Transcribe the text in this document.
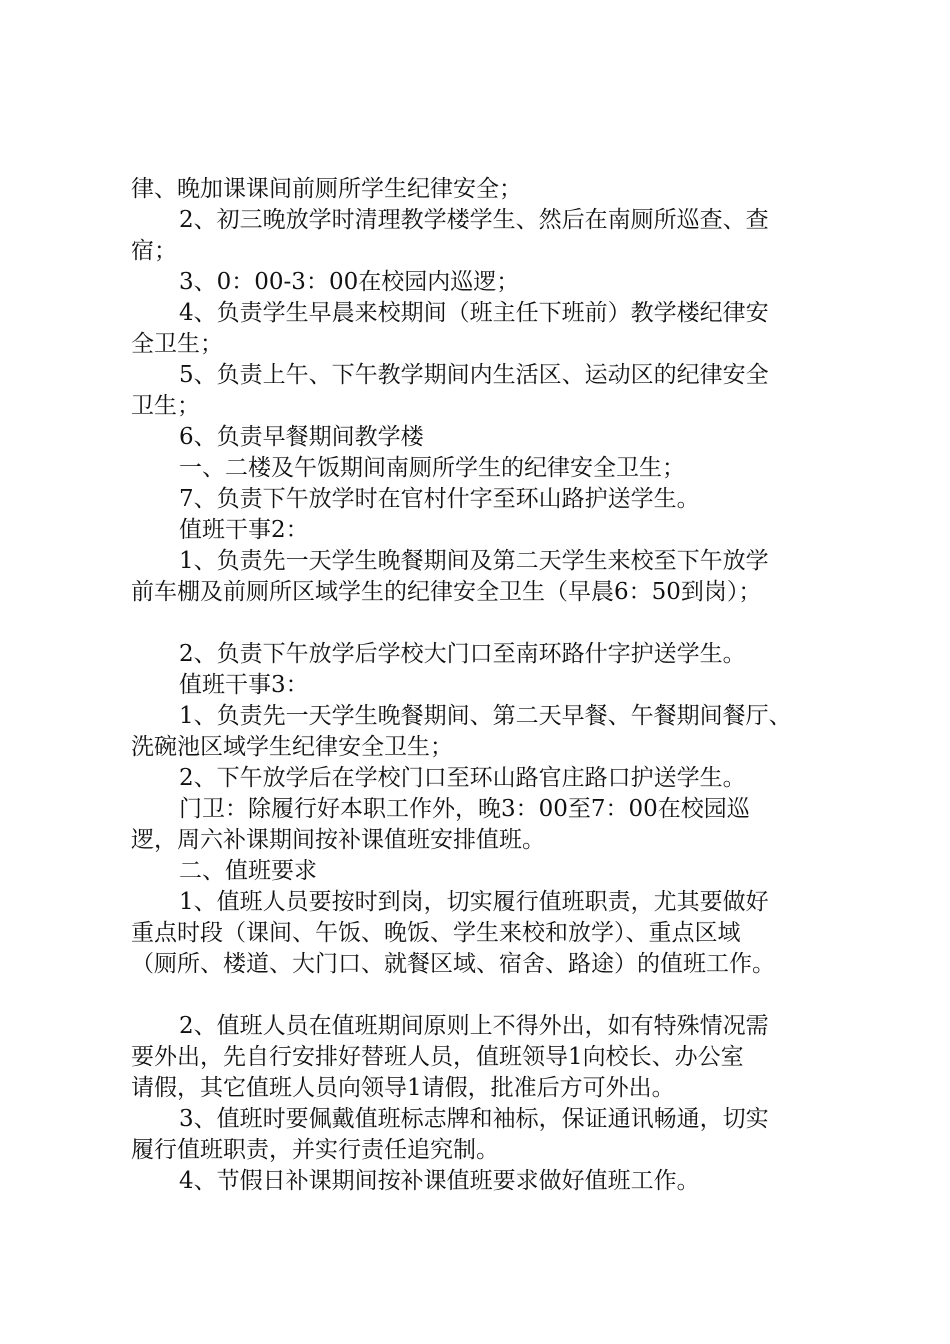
律、晚加课课间前厕所学生纪律安全；
2、初三晚放学时清理教学楼学生、然后在南厕所巡查、查
宿；
3、0：00-3：00在校园内巡逻；
4、负责学生早晨来校期间（班主任下班前）教学楼纪律安
全卫生；
5、负责上午、下午教学期间内生活区、运动区的纪律安全
卫生；
6、负责早餐期间教学楼
一、二楼及午饭期间南厕所学生的纪律安全卫生；
7、负责下午放学时在官村什字至环山路护送学生。
值班干事2：
1、负责先一天学生晚餐期间及第二天学生来校至下午放学
前车棚及前厕所区域学生的纪律安全卫生（早晨6：50到岗）；
2、负责下午放学后学校大门口至南环路什字护送学生。
值班干事3：
1、负责先一天学生晚餐期间、第二天早餐、午餐期间餐厅、
洗碗池区域学生纪律安全卫生；
2、下午放学后在学校门口至环山路官庄路口护送学生。
门卫：除履行好本职工作外，晚3：00至7：00在校园巡
逻，周六补课期间按补课值班安排值班。
二、值班要求
1、值班人员要按时到岗，切实履行值班职责，尤其要做好
重点时段（课间、午饭、晚饭、学生来校和放学）、重点区域
（厕所、楼道、大门口、就餐区域、宿舍、路途）的值班工作。
2、值班人员在值班期间原则上不得外出，如有特殊情况需
要外出，先自行安排好替班人员，值班领导1向校长、办公室
请假，其它值班人员向领导1请假，批准后方可外出。
3、值班时要佩戴值班标志牌和袖标，保证通讯畅通，切实
履行值班职责，并实行责任追究制。
4、节假日补课期间按补课值班要求做好值班工作。
